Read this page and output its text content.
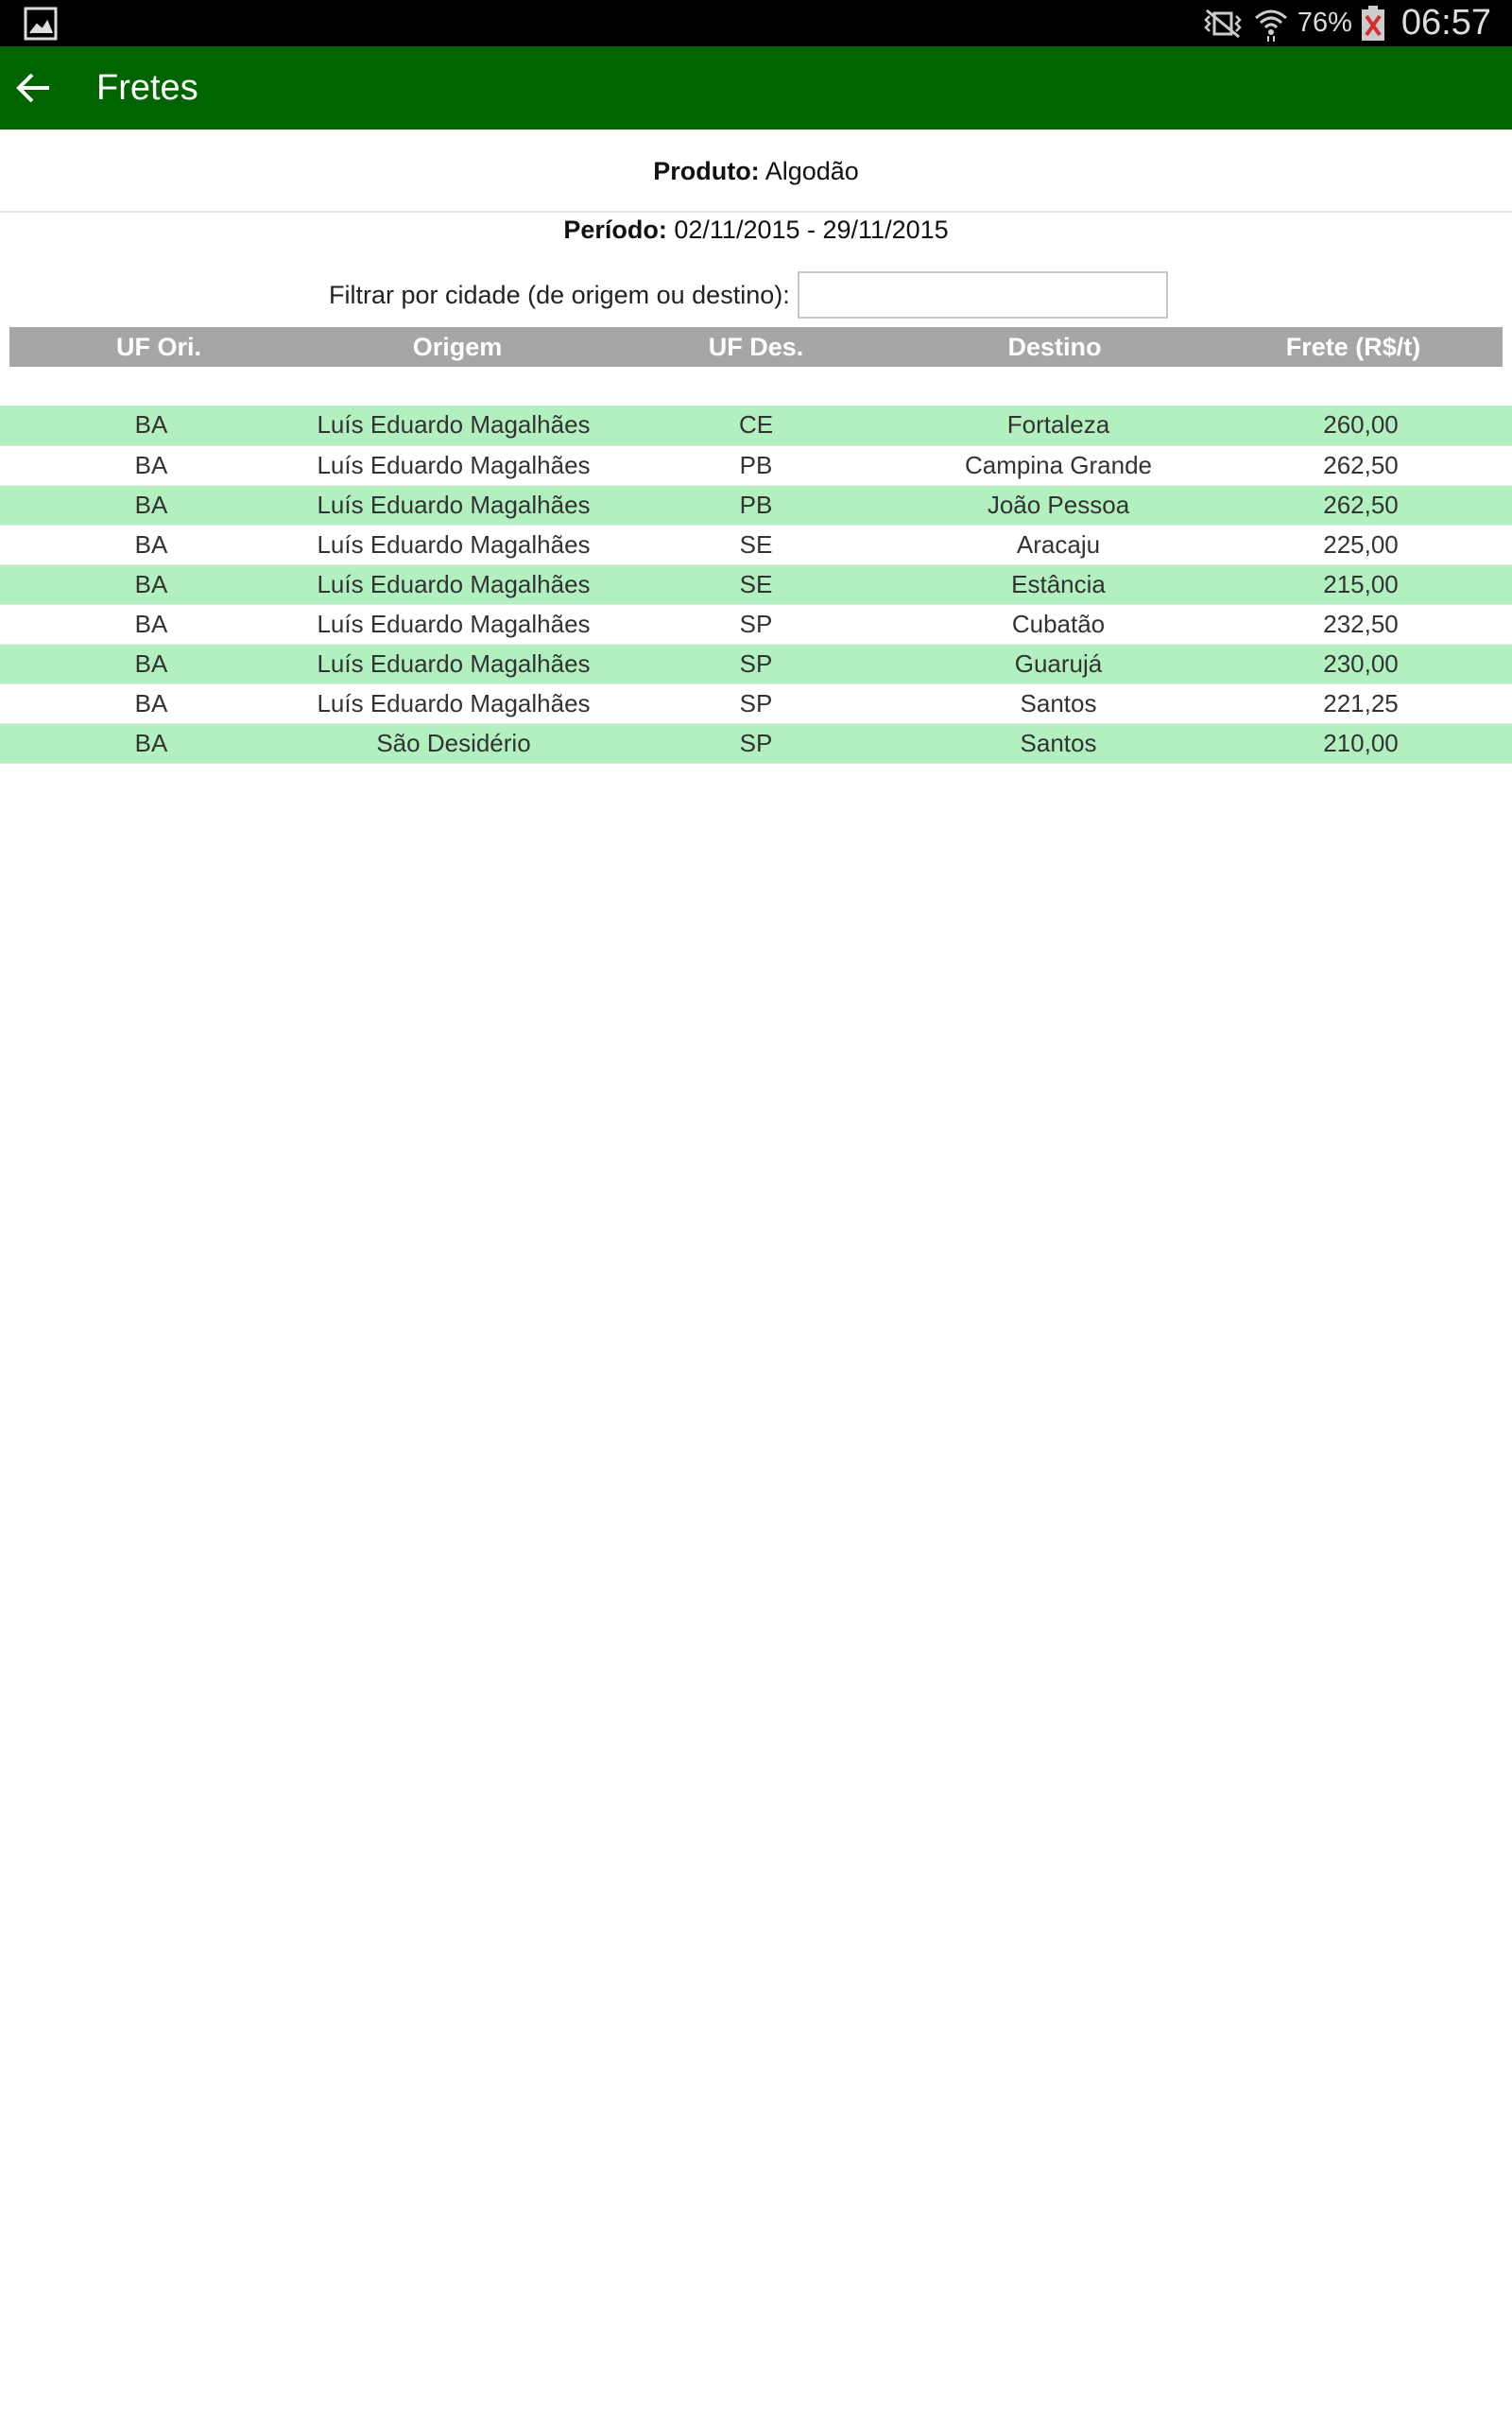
76% 06:57
Fretes
Produto: Algodão
Período: 02/11/2015 - 29/11/2015
Filtrar por cidade (de origem ou destino):
UF Ori.	Origem	UF Des.	Destino	Frete (R$/t)
BA	Luís Eduardo Magalhães	CE	Fortaleza	260,00
BA	Luís Eduardo Magalhães	PB	Campina Grande	262,50
BA	Luís Eduardo Magalhães	PB	João Pessoa	262,50
BA	Luís Eduardo Magalhães	SE	Aracaju	225,00
BA	Luís Eduardo Magalhães	SE	Estância	215,00
BA	Luís Eduardo Magalhães	SP	Cubatão	232,50
BA	Luís Eduardo Magalhães	SP	Guarujá	230,00
BA	Luís Eduardo Magalhães	SP	Santos	221,25
BA	São Desidério	SP	Santos	210,00
